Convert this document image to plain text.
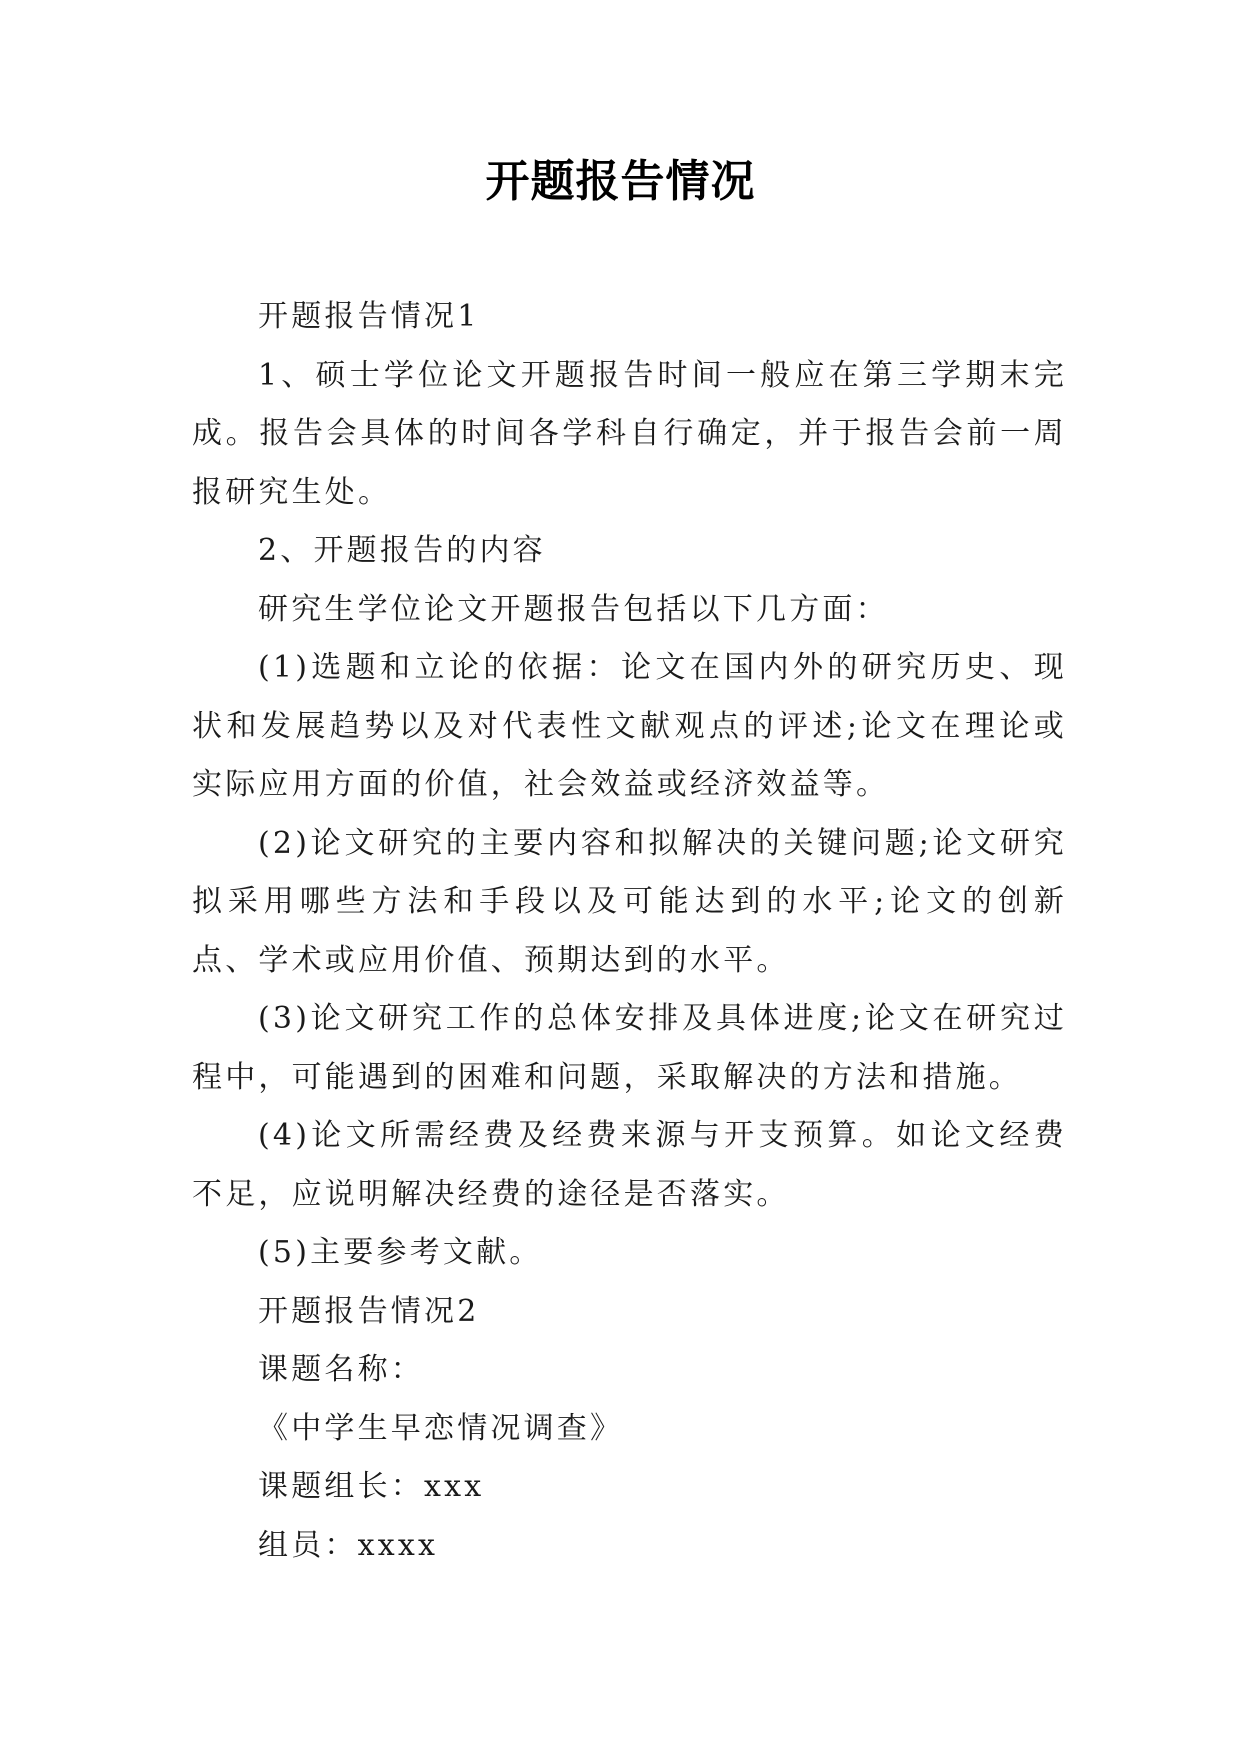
开题报告情况

开题报告情况1

1、硕士学位论文开题报告时间一般应在第三学期末完成。报告会具体的时间各学科自行确定，并于报告会前一周报研究生处。

2、开题报告的内容

研究生学位论文开题报告包括以下几方面：

(1)选题和立论的依据：论文在国内外的研究历史、现状和发展趋势以及对代表性文献观点的评述;论文在理论或实际应用方面的价值，社会效益或经济效益等。

(2)论文研究的主要内容和拟解决的关键问题;论文研究拟采用哪些方法和手段以及可能达到的水平;论文的创新点、学术或应用价值、预期达到的水平。

(3)论文研究工作的总体安排及具体进度;论文在研究过程中，可能遇到的困难和问题，采取解决的方法和措施。

(4)论文所需经费及经费来源与开支预算。如论文经费不足，应说明解决经费的途径是否落实。

(5)主要参考文献。

开题报告情况2

课题名称：

《中学生早恋情况调查》

课题组长：xxx

组员：xxxx
